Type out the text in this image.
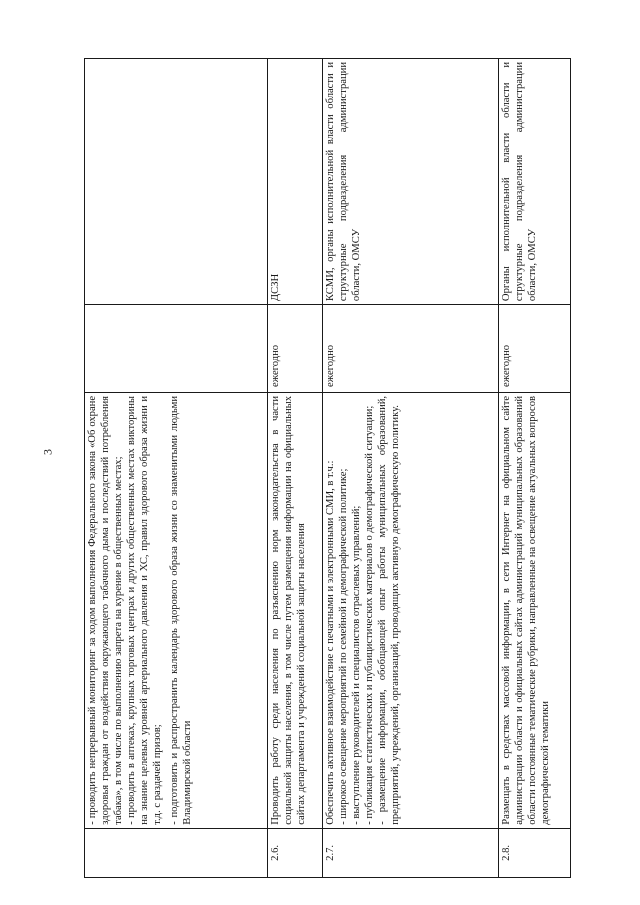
3

	- проводить непрерывный мониторинг за ходом выполнения Федерального закона «Об охране здоровья граждан от воздействия окружающего табачного дыма и последствий потребления табака», в том числе по выполнению запрета на курение в общественных местах; - проводить в аптеках, крупных торговых центрах и других общественных местах викторины на знание целевых уровней артериального давления и ХС, правил здорового образа жизни и т.д. с раздачей призов; - подготовить и распространить календарь здорового образа жизни со знаменитыми людьми Владимирской области		

2.6.	Проводить работу среди населения по разъяснению норм законодательства в части социальной защиты населения, в том числе путем размещения информации на официальных сайтах департамента и учреждений социальной защиты населения	ежегодно	ДСЗН
2.7.	Обеспечить активное взаимодействие с печатными и электронными СМИ, в т.ч.: - широкое освещение мероприятий по семейной и демографической политике; - выступление руководителей и специалистов отраслевых управлений; - публикация статистических и публицистических материалов о демографической ситуации; - размещение информации, обобщающей опыт работы муниципальных образований, предприятий, учреждений, организаций, проводящих активную демографическую политику.	ежегодно	КСМИ, органы исполнительной власти области и структурные подразделения администрации области, ОМСУ
2.8.	Размещать в средствах массовой информации, в сети Интернет на официальном сайте администрации области и официальных сайтах администраций муниципальных образований области постоянные тематические рубрики, направленные на освещение актуальных вопросов демографической тематики	ежегодно	Органы исполнительной власти области и структурные подразделения администрации области, ОМСУ
